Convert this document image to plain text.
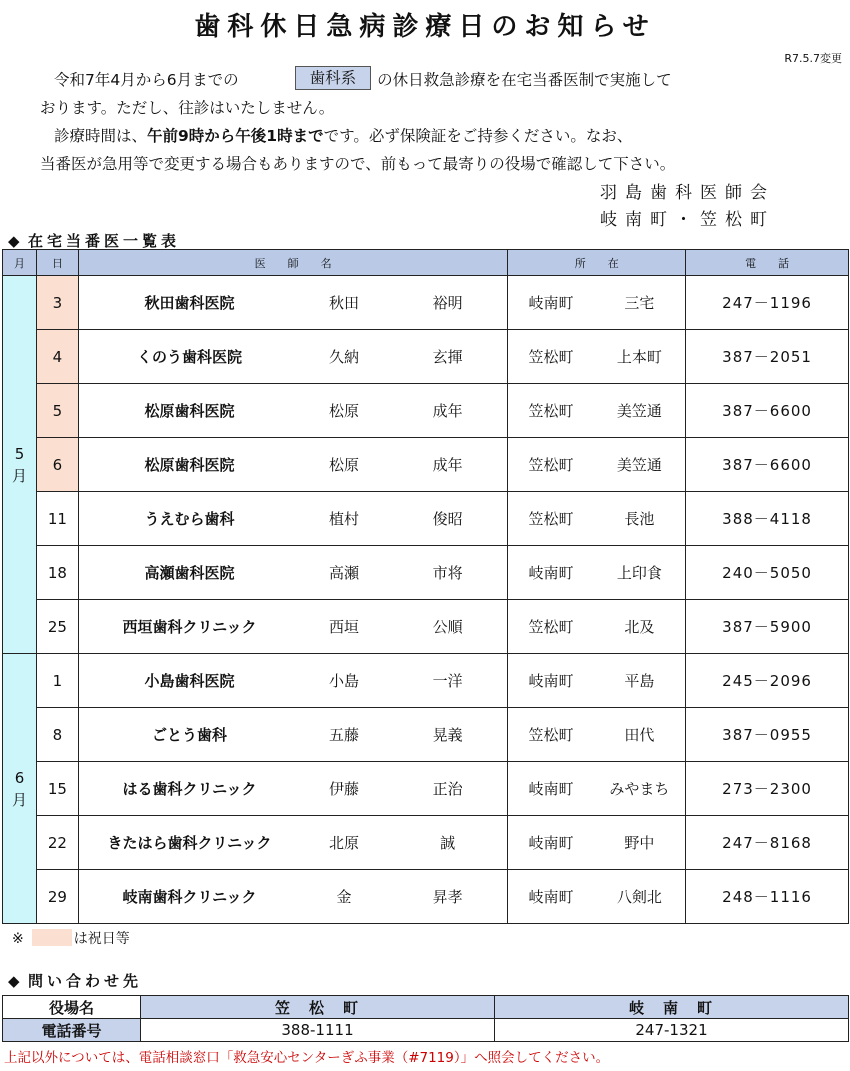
歯科休日急病診療日のお知らせ
R7.5.7変更
令和7年4月から6月までの	歯科系 の休日救急診療を在宅当番医制で実施して
おります。ただし、往診はいたしません。
診療時間は、午前9時から午後1時までです。必ず保険証をご持参ください。なお、
当番医が急用等で変更する場合もありますので、前もって最寄りの役場で確認して下さい。
羽島歯科医師会
岐南町・笠松町
◆ 在宅当番医一覧表
月	日	医　　師　　名			所　　在		電　　話
5
月	3	秋田歯科医院	秋田	裕明	岐南町	三宅	247－1196
	4	くのう歯科医院	久納	玄揮	笠松町	上本町	387－2051
	5	松原歯科医院	松原	成年	笠松町	美笠通	387－6600
	6	松原歯科医院	松原	成年	笠松町	美笠通	387－6600
	11	うえむら歯科	植村	俊昭	笠松町	長池	388－4118
	18	高瀬歯科医院	高瀬	市将	岐南町	上印食	240－5050
	25	西垣歯科クリニック	西垣	公順	笠松町	北及	387－5900
6
月	1	小島歯科医院	小島	一洋	岐南町	平島	245－2096
	8	ごとう歯科	五藤	晃義	笠松町	田代	387－0955
	15	はる歯科クリニック	伊藤	正治	岐南町	みやまち	273－2300
	22	きたはら歯科クリニック	北原	誠	岐南町	野中	247－8168
	29	岐南歯科クリニック	金	昇孝	岐南町	八剣北	248－1116
※	は祝日等
◆ 問い合わせ先
役場名	笠　松　町	岐　南　町
電話番号	388-1111	247-1321
上記以外については、電話相談窓口「救急安心センターぎふ事業（#7119）」へ照会してください。
